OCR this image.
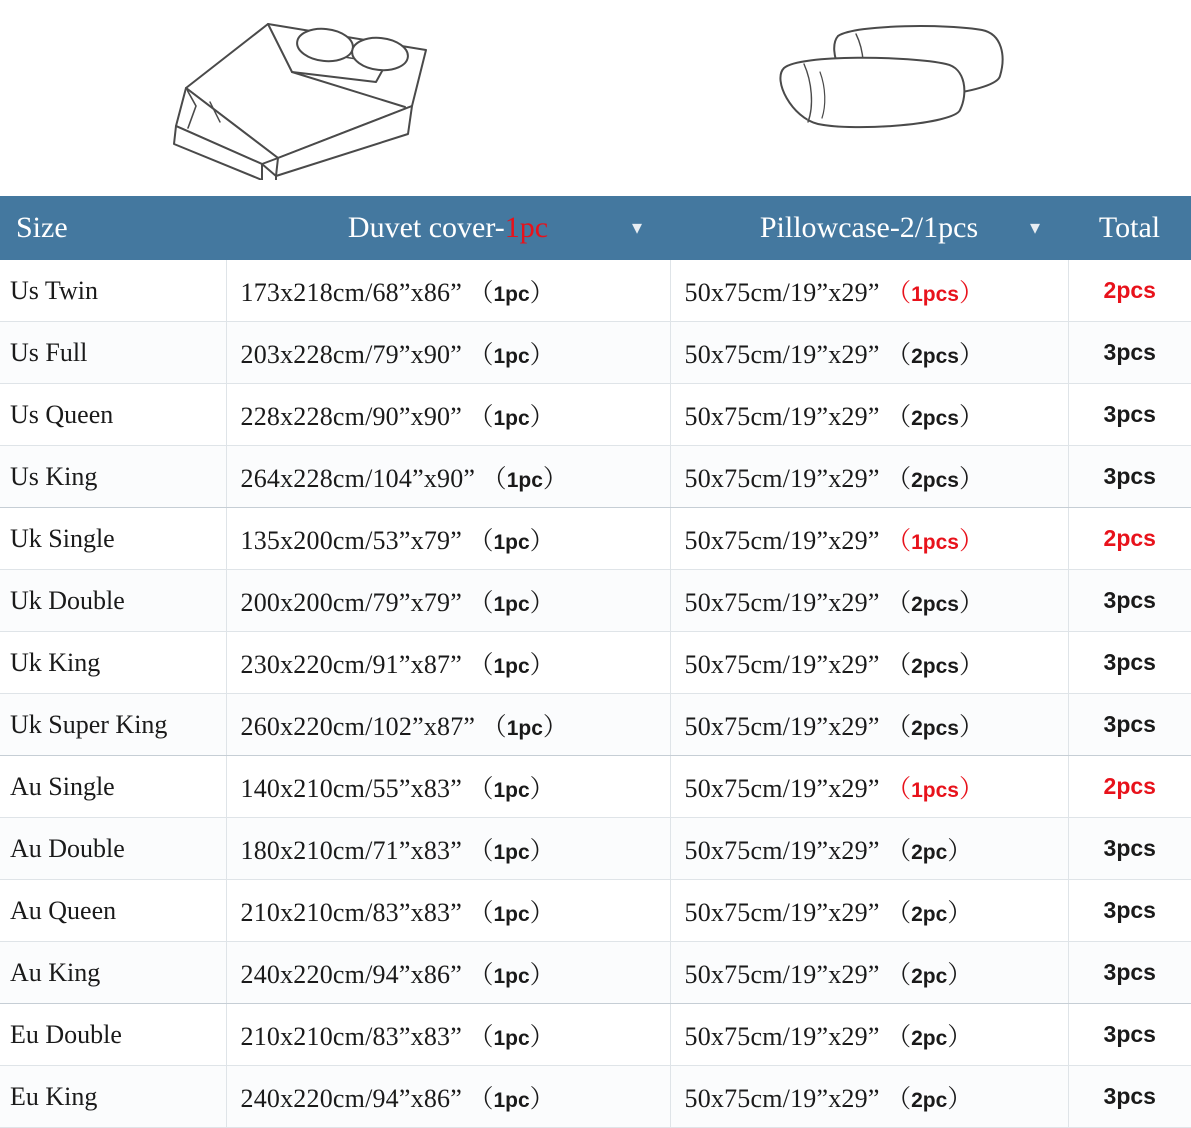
Size	Duvet cover-1pc ▾	Pillowcase-2/1pcs ▾	Total
Us Twin	173x218cm/68”x86” （1pc）	50x75cm/19”x29” （1pcs）	2pcs
Us Full	203x228cm/79”x90” （1pc）	50x75cm/19”x29” （2pcs）	3pcs
Us Queen	228x228cm/90”x90” （1pc）	50x75cm/19”x29” （2pcs）	3pcs
Us King	264x228cm/104”x90” （1pc）	50x75cm/19”x29” （2pcs）	3pcs
Uk Single	135x200cm/53”x79” （1pc）	50x75cm/19”x29” （1pcs）	2pcs
Uk Double	200x200cm/79”x79” （1pc）	50x75cm/19”x29” （2pcs）	3pcs
Uk King	230x220cm/91”x87” （1pc）	50x75cm/19”x29” （2pcs）	3pcs
Uk Super King	260x220cm/102”x87” （1pc）	50x75cm/19”x29” （2pcs）	3pcs
Au Single	140x210cm/55”x83” （1pc）	50x75cm/19”x29” （1pcs）	2pcs
Au Double	180x210cm/71”x83” （1pc）	50x75cm/19”x29” （2pc）	3pcs
Au Queen	210x210cm/83”x83” （1pc）	50x75cm/19”x29” （2pc）	3pcs
Au King	240x220cm/94”x86” （1pc）	50x75cm/19”x29” （2pc）	3pcs
Eu Double	210x210cm/83”x83” （1pc）	50x75cm/19”x29” （2pc）	3pcs
Eu King	240x220cm/94”x86” （1pc）	50x75cm/19”x29” （2pc）	3pcs
